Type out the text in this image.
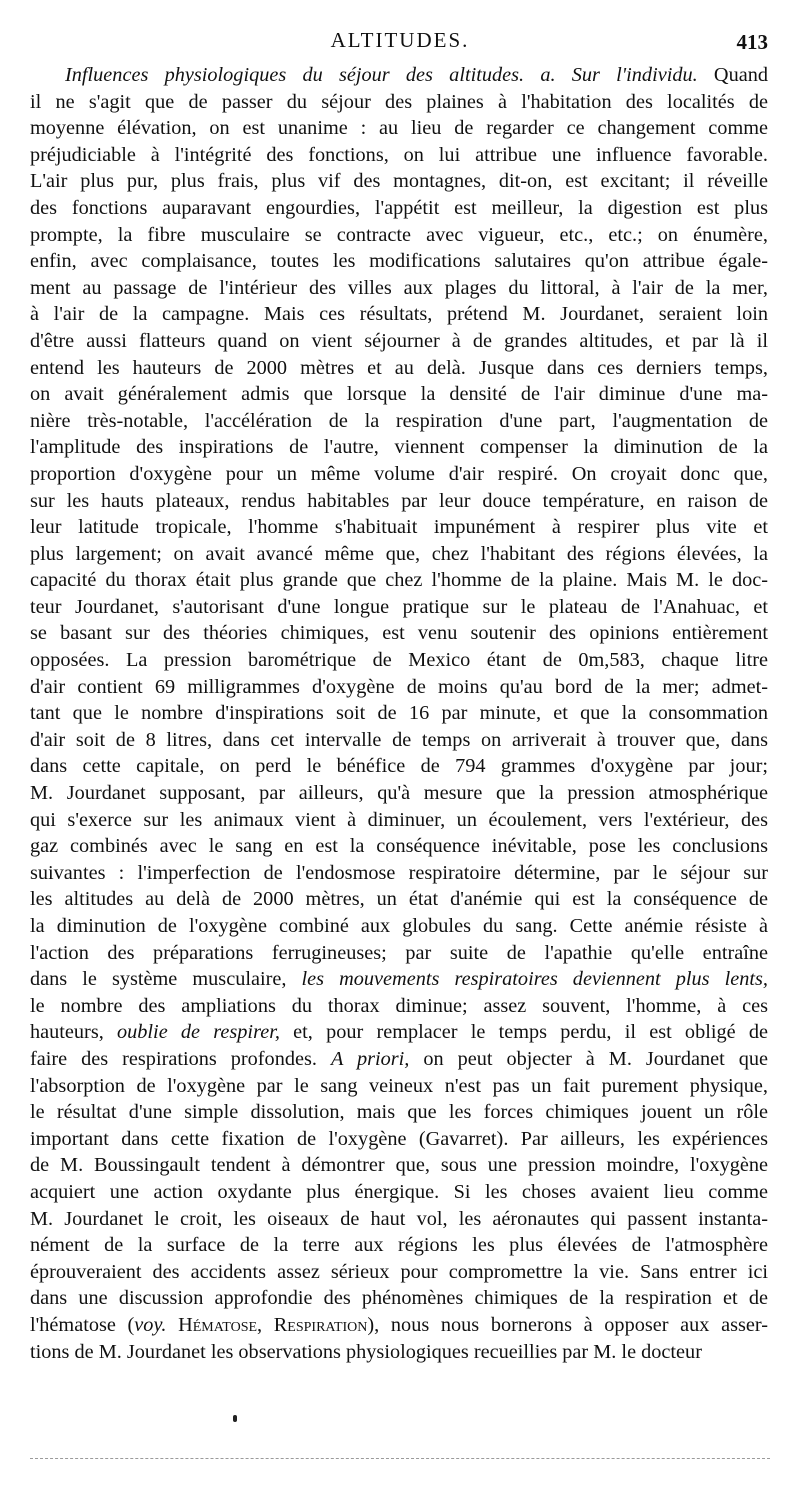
ALTITUDES.	413
Influences physiologiques du séjour des altitudes. a. Sur l'individu. Quand
il ne s'agit que de passer du séjour des plaines à l'habitation des localités de
moyenne élévation, on est unanime : au lieu de regarder ce changement comme
préjudiciable à l'intégrité des fonctions, on lui attribue une influence favorable.
L'air plus pur, plus frais, plus vif des montagnes, dit-on, est excitant; il réveille
des fonctions auparavant engourdies, l'appétit est meilleur, la digestion est plus
prompte, la fibre musculaire se contracte avec vigueur, etc., etc.; on énumère,
enfin, avec complaisance, toutes les modifications salutaires qu'on attribue égale-
ment au passage de l'intérieur des villes aux plages du littoral, à l'air de la mer,
à l'air de la campagne. Mais ces résultats, prétend M. Jourdanet, seraient loin
d'être aussi flatteurs quand on vient séjourner à de grandes altitudes, et par là il
entend les hauteurs de 2000 mètres et au delà. Jusque dans ces derniers temps,
on avait généralement admis que lorsque la densité de l'air diminue d'une ma-
nière très-notable, l'accélération de la respiration d'une part, l'augmentation de
l'amplitude des inspirations de l'autre, viennent compenser la diminution de la
proportion d'oxygène pour un même volume d'air respiré. On croyait donc que,
sur les hauts plateaux, rendus habitables par leur douce température, en raison de
leur latitude tropicale, l'homme s'habituait impunément à respirer plus vite et
plus largement; on avait avancé même que, chez l'habitant des régions élevées, la
capacité du thorax était plus grande que chez l'homme de la plaine. Mais M. le doc-
teur Jourdanet, s'autorisant d'une longue pratique sur le plateau de l'Anahuac, et
se basant sur des théories chimiques, est venu soutenir des opinions entièrement
opposées. La pression barométrique de Mexico étant de 0m,583, chaque litre
d'air contient 69 milligrammes d'oxygène de moins qu'au bord de la mer; admet-
tant que le nombre d'inspirations soit de 16 par minute, et que la consommation
d'air soit de 8 litres, dans cet intervalle de temps on arriverait à trouver que, dans
dans cette capitale, on perd le bénéfice de 794 grammes d'oxygène par jour;
M. Jourdanet supposant, par ailleurs, qu'à mesure que la pression atmosphérique
qui s'exerce sur les animaux vient à diminuer, un écoulement, vers l'extérieur, des
gaz combinés avec le sang en est la conséquence inévitable, pose les conclusions
suivantes : l'imperfection de l'endosmose respiratoire détermine, par le séjour sur
les altitudes au delà de 2000 mètres, un état d'anémie qui est la conséquence de
la diminution de l'oxygène combiné aux globules du sang. Cette anémie résiste à
l'action des préparations ferrugineuses; par suite de l'apathie qu'elle entraîne
dans le système musculaire, les mouvements respiratoires deviennent plus lents,
le nombre des ampliations du thorax diminue; assez souvent, l'homme, à ces
hauteurs, oublie de respirer, et, pour remplacer le temps perdu, il est obligé de
faire des respirations profondes. A priori, on peut objecter à M. Jourdanet que
l'absorption de l'oxygène par le sang veineux n'est pas un fait purement physique,
le résultat d'une simple dissolution, mais que les forces chimiques jouent un rôle
important dans cette fixation de l'oxygène (Gavarret). Par ailleurs, les expériences
de M. Boussingault tendent à démontrer que, sous une pression moindre, l'oxygène
acquiert une action oxydante plus énergique. Si les choses avaient lieu comme
M. Jourdanet le croit, les oiseaux de haut vol, les aéronautes qui passent instanta-
nément de la surface de la terre aux régions les plus élevées de l'atmosphère
éprouveraient des accidents assez sérieux pour compromettre la vie. Sans entrer ici
dans une discussion approfondie des phénomènes chimiques de la respiration et de
l'hématose (voy. Hématose, Respiration), nous nous bornerons à opposer aux asser-
tions de M. Jourdanet les observations physiologiques recueillies par M. le docteur
